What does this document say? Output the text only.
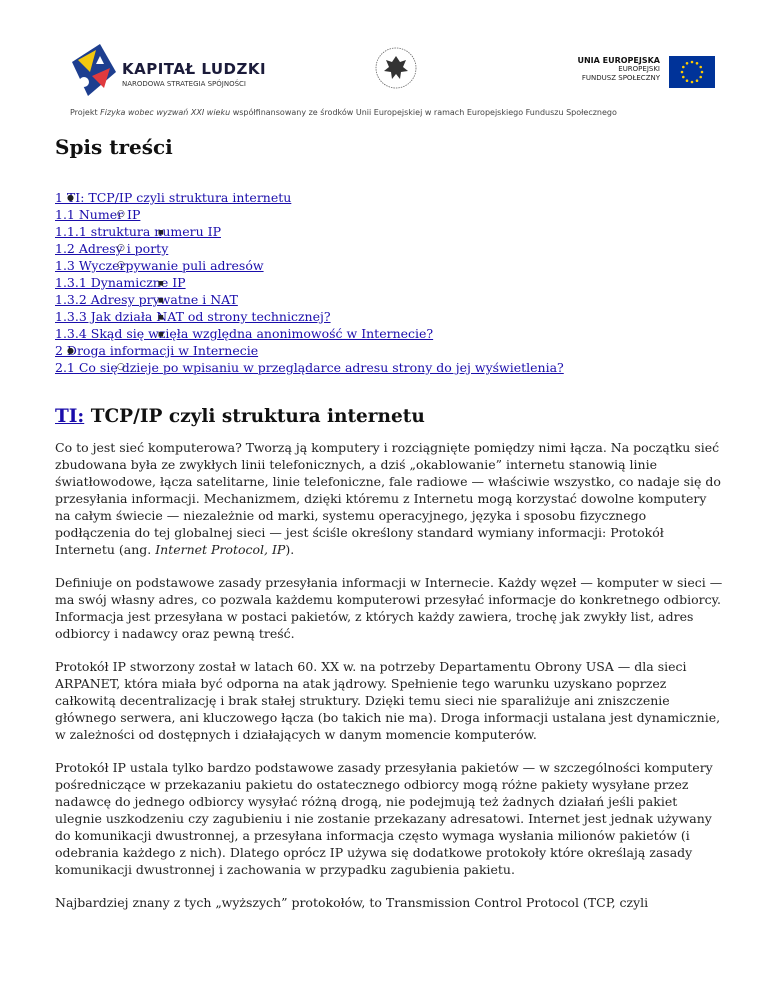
KAPITAŁ LUDZKI
NARODOWA STRATEGIA SPÓJNOŚCI
UNIA EUROPEJSKA
EUROPEJSKI
FUNDUSZ SPOŁECZNY
Projekt Fizyka wobec wyzwań XXI wieku współfinansowany ze środków Unii Europejskiej w ramach Europejskiego Funduszu Społecznego
Spis treści
● 1 TI: TCP/IP czyli struktura internetu
○ 1.1 Numer IP
■ 1.1.1 struktura numeru IP
○ 1.2 Adresy i porty
○ 1.3 Wyczerpywanie puli adresów
■ 1.3.1 Dynamiczne IP
■ 1.3.2 Adresy prywatne i NAT
■ 1.3.3 Jak działa NAT od strony technicznej?
■ 1.3.4 Skąd się wzięła względna anonimowość w Internecie?
● 2 Droga informacji w Internecie
○ 2.1 Co się dzieje po wpisaniu w przeglądarce adresu strony do jej wyświetlenia?
TI: TCP/IP czyli struktura internetu

Co to jest sieć komputerowa? Tworzą ją komputery i rozciągnięte pomiędzy nimi łącza. Na początku sieć zbudowana była ze zwykłych linii telefonicznych, a dziś „okablowanie” internetu stanowią linie światłowodowe, łącza satelitarne, linie telefoniczne, fale radiowe — właściwie wszystko, co nadaje się do przesyłania informacji. Mechanizmem, dzięki któremu z Internetu mogą korzystać dowolne komputery na całym świecie — niezależnie od marki, systemu operacyjnego, języka i sposobu fizycznego podłączenia do tej globalnej sieci — jest ściśle określony standard wymiany informacji: Protokół Internetu (ang. Internet Protocol, IP).

Definiuje on podstawowe zasady przesyłania informacji w Internecie. Każdy węzeł — komputer w sieci — ma swój własny adres, co pozwala każdemu komputerowi przesyłać informacje do konkretnego odbiorcy. Informacja jest przesyłana w postaci pakietów, z których każdy zawiera, trochę jak zwykły list, adres odbiorcy i nadawcy oraz pewną treść.

Protokół IP stworzony został w latach 60. XX w. na potrzeby Departamentu Obrony USA — dla sieci ARPANET, która miała być odporna na atak jądrowy. Spełnienie tego warunku uzyskano poprzez całkowitą decentralizację i brak stałej struktury. Dzięki temu sieci nie sparaliżuje ani zniszczenie głównego serwera, ani kluczowego łącza (bo takich nie ma). Droga informacji ustalana jest dynamicznie, w zależności od dostępnych i działających w danym momencie komputerów.

Protokół IP ustala tylko bardzo podstawowe zasady przesyłania pakietów — w szczególności komputery pośredniczące w przekazaniu pakietu do ostatecznego odbiorcy mogą różne pakiety wysyłane przez nadawcę do jednego odbiorcy wysyłać różną drogą, nie podejmują też żadnych działań jeśli pakiet ulegnie uszkodzeniu czy zagubieniu i nie zostanie przekazany adresatowi. Internet jest jednak używany do komunikacji dwustronnej, a przesyłana informacja często wymaga wysłania milionów pakietów (i odebrania każdego z nich). Dlatego oprócz IP używa się dodatkowe protokoły które określają zasady komunikacji dwustronnej i zachowania w przypadku zagubienia pakietu.

Najbardziej znany z tych „wyższych” protokołów, to Transmission Control Protocol (TCP, czyli
